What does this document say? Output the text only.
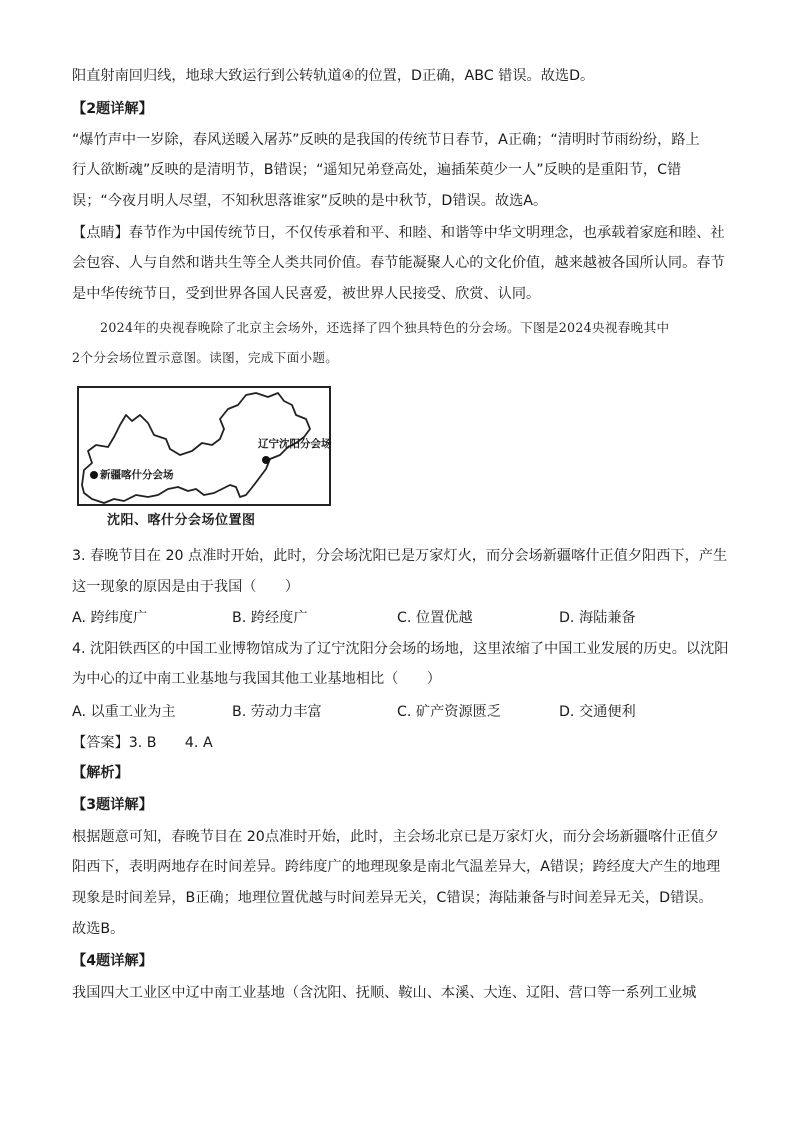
阳直射南回归线，地球大致运行到公转轨道④的位置，D正确，ABC 错误。故选D。
【2题详解】
“爆竹声中一岁除，春风送暖入屠苏”反映的是我国的传统节日春节，A正确；“清明时节雨纷纷，路上
行人欲断魂”反映的是清明节，B错误；“遥知兄弟登高处，遍插茱萸少一人”反映的是重阳节，C错
误；“今夜月明人尽望，不知秋思落谁家”反映的是中秋节，D错误。故选A。
【点睛】春节作为中国传统节日，不仅传承着和平、和睦、和谐等中华文明理念，也承载着家庭和睦、社
会包容、人与自然和谐共生等全人类共同价值。春节能凝聚人心的文化价值，越来越被各国所认同。春节
是中华传统节日，受到世界各国人民喜爱，被世界人民接受、欣赏、认同。
2024年的央视春晚除了北京主会场外，还选择了四个独具特色的分会场。下图是2024央视春晚其中
2个分会场位置示意图。读图，完成下面小题。
新疆喀什分会场
辽宁沈阳分会场
沈阳、喀什分会场位置图
3. 春晚节目在 20 点准时开始，此时，分会场沈阳已是万家灯火，而分会场新疆喀什正值夕阳西下，产生
这一现象的原因是由于我国（　　）
A. 跨纬度广	B. 跨经度广	C. 位置优越	D. 海陆兼备
4. 沈阳铁西区的中国工业博物馆成为了辽宁沈阳分会场的场地，这里浓缩了中国工业发展的历史。以沈阳
为中心的辽中南工业基地与我国其他工业基地相比（　　）
A. 以重工业为主	B. 劳动力丰富	C. 矿产资源匮乏	D. 交通便利
【答案】3. B　　4. A
【解析】
【3题详解】
根据题意可知，春晚节目在 20点准时开始，此时，主会场北京已是万家灯火，而分会场新疆喀什正值夕
阳西下，表明两地存在时间差异。跨纬度广的地理现象是南北气温差异大，A错误；跨经度大产生的地理
现象是时间差异，B正确；地理位置优越与时间差异无关，C错误；海陆兼备与时间差异无关，D错误。
故选B。
【4题详解】
我国四大工业区中辽中南工业基地（含沈阳、抚顺、鞍山、本溪、大连、辽阳、营口等一系列工业城
